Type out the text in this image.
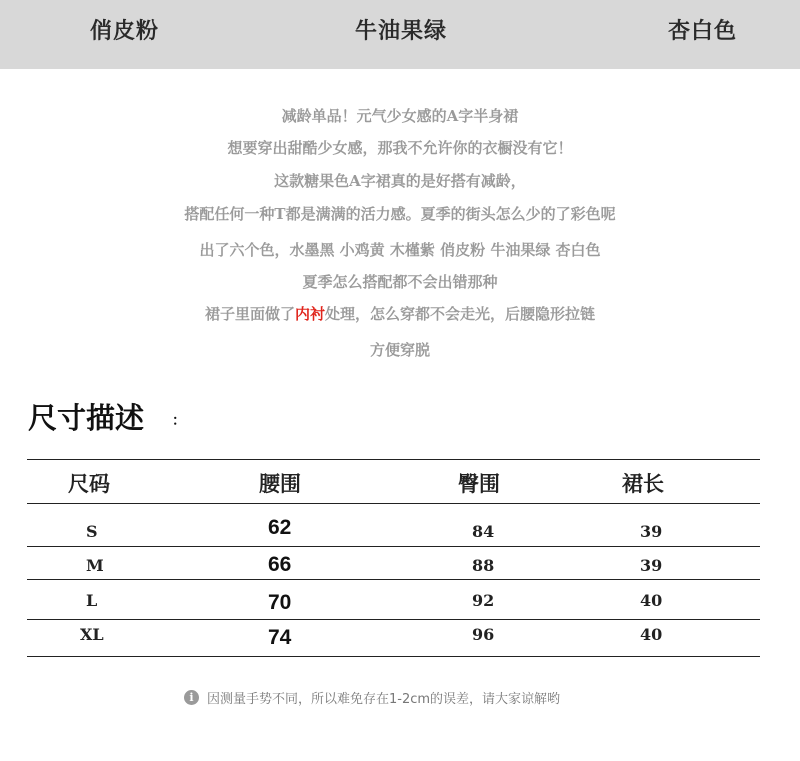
俏皮粉	牛油果绿	杏白色
减龄单品！元气少女感的A字半身裙
想要穿出甜酷少女感，那我不允许你的衣橱没有它！
这款糖果色A字裙真的是好搭有减龄，
搭配任何一种T都是满满的活力感。夏季的街头怎么少的了彩色呢
出了六个色，水墨黑 小鸡黄 木槿紫 俏皮粉 牛油果绿 杏白色
夏季怎么搭配都不会出错那种
裙子里面做了内衬处理，怎么穿都不会走光，后腰隐形拉链
方便穿脱
尺寸描述 ：
尺码	腰围	臀围	裙长
S	62	84	39
M	66	88	39
L	70	92	40
XL	74	96	40
i	因测量手势不同，所以难免存在1-2cm的误差，请大家谅解哟
